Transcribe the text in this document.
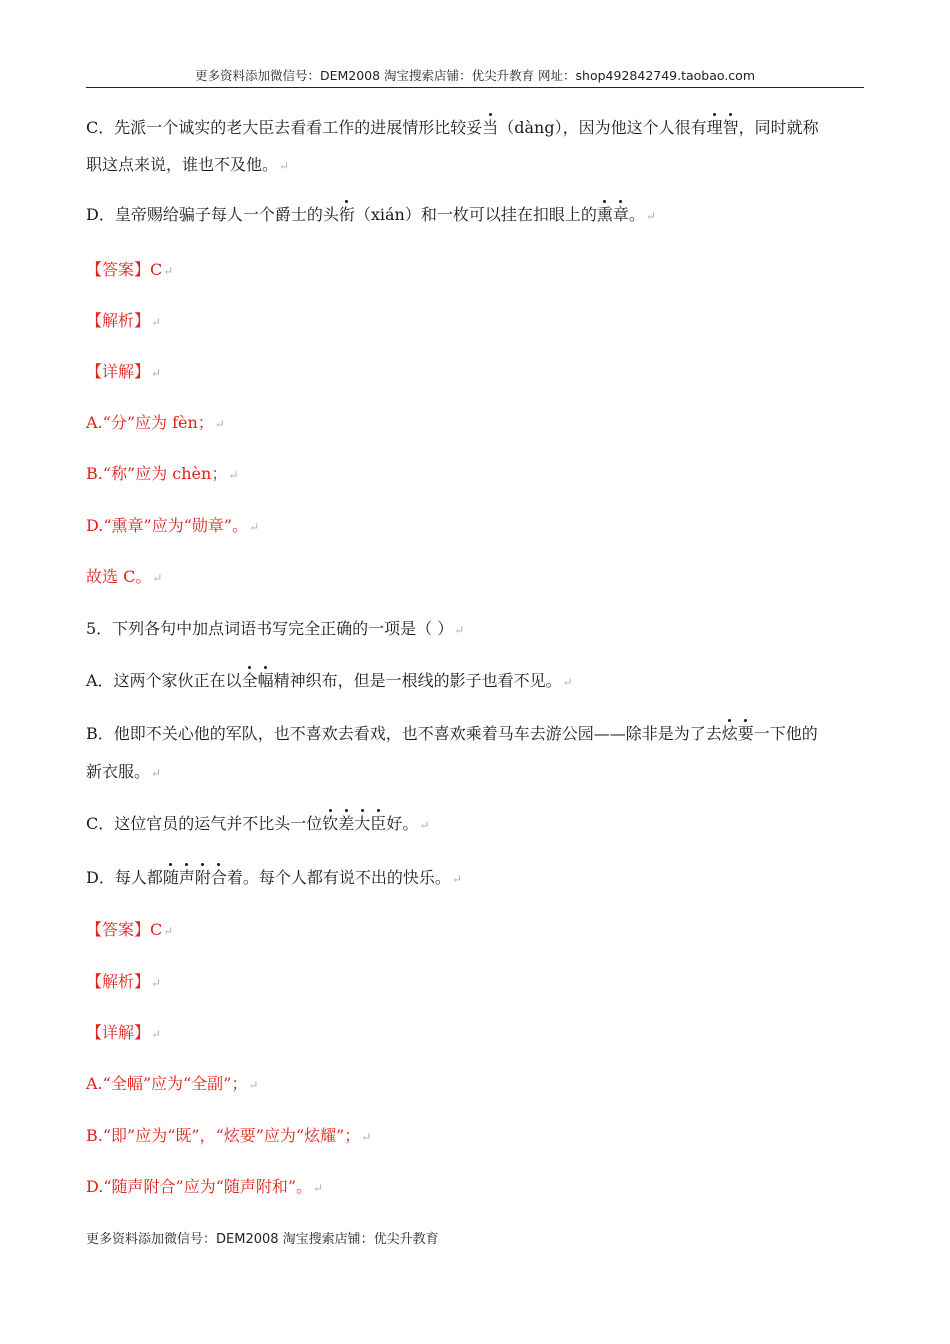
更多资料添加微信号：DEM2008 淘宝搜索店铺：优尖升教育 网址：shop492842749.taobao.com
C．先派一个诚实的老大臣去看看工作的进展情形比较妥当（dàng），因为他这个人很有理智，同时就称
职这点来说，谁也不及他。↵
D．皇帝赐给骗子每人一个爵士的头衔（xián）和一枚可以挂在扣眼上的熏章。↵
【答案】C↵
【解析】↵
【详解】↵
A.“分”应为 fèn；↵
B.“称”应为 chèn；↵
D.“熏章”应为“勋章”。↵
故选 C。↵
5．下列各句中加点词语书写完全正确的一项是（ ）↵
A．这两个家伙正在以全幅精神织布，但是一根线的影子也看不见。↵
B．他即不关心他的军队，也不喜欢去看戏，也不喜欢乘着马车去游公园——除非是为了去炫要一下他的
新衣服。↵
C．这位官员的运气并不比头一位钦差大臣好。↵
D．每人都随声附合着。每个人都有说不出的快乐。↵
【答案】C↵
【解析】↵
【详解】↵
A.“全幅”应为“全副”；↵
B.“即”应为“既”，“炫要”应为“炫耀”；↵
D.“随声附合”应为“随声附和”。↵
更多资料添加微信号：DEM2008 淘宝搜索店铺：优尖升教育
